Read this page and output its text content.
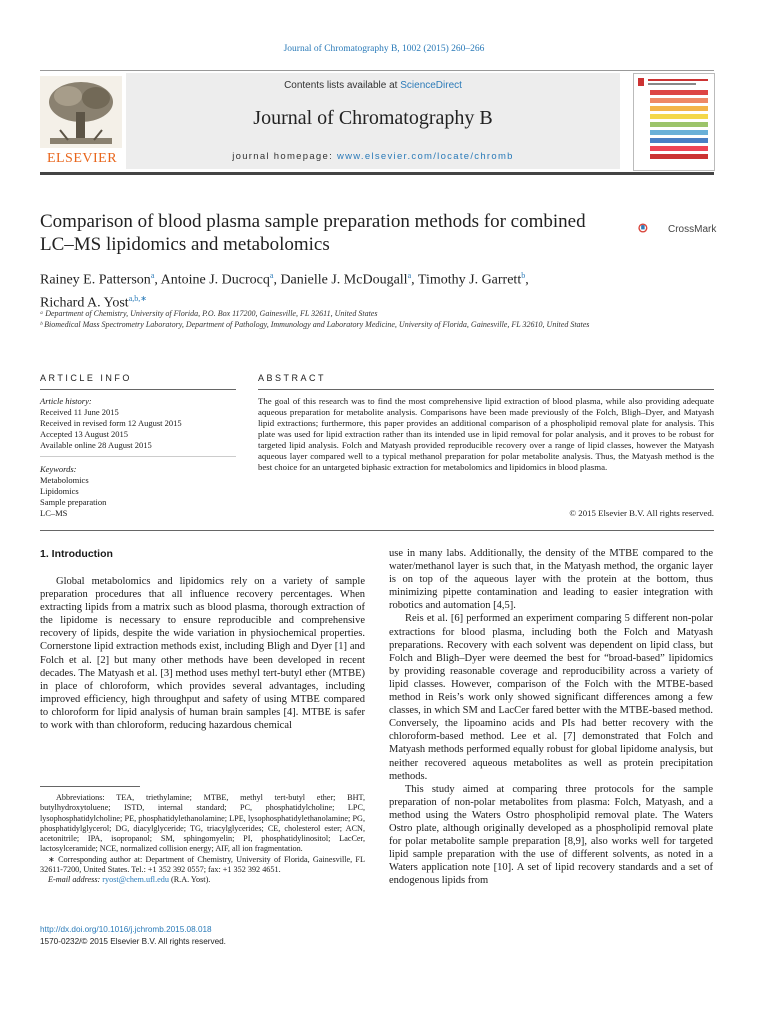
Journal of Chromatography B, 1002 (2015) 260–266
ELSEVIER
Contents lists available at ScienceDirect
Journal of Chromatography B
journal homepage: www.elsevier.com/locate/chromb
Comparison of blood plasma sample preparation methods for combined LC–MS lipidomics and metabolomics
CrossMark
Rainey E. Patterson$^a$, Antoine J. Ducrocq$^a$, Danielle J. McDougall$^a$, Timothy J. Garrett$^b$,
Richard A. Yost$^{a,b,∗}$
ᵃ Department of Chemistry, University of Florida, P.O. Box 117200, Gainesville, FL 32611, United States
ᵇ Biomedical Mass Spectrometry Laboratory, Department of Pathology, Immunology and Laboratory Medicine, University of Florida, Gainesville, FL 32610, United States
ARTICLE INFO	ABSTRACT
Article history:
Received 11 June 2015
Received in revised form 12 August 2015
Accepted 13 August 2015
Available online 28 August 2015
Keywords:
Metabolomics
Lipidomics
Sample preparation
LC–MS
The goal of this research was to find the most comprehensive lipid extraction of blood plasma, while also providing adequate aqueous preparation for metabolite analysis. Comparisons have been made previously of the Folch, Bligh–Dyer, and Matyash lipid extractions; furthermore, this paper provides an additional comparison of a phospholipid removal plate for analysis. This plate was used for lipid extraction rather than its intended use in lipid removal for polar analysis, and it proves to be robust for targeted lipid analysis. Folch and Matyash provided reproducible recovery over a range of lipid classes, however the Matyash aqueous layer compared well to a typical methanol preparation for polar metabolite analysis. Thus, the Matyash method is the best choice for an untargeted biphasic extraction for metabolomics and lipidomics in blood plasma.
© 2015 Elsevier B.V. All rights reserved.
1. Introduction

Global metabolomics and lipidomics rely on a variety of sample preparation procedures that all influence recovery percentages. When extracting lipids from a matrix such as blood plasma, thorough extraction of the lipidome is necessary to ensure reproducible and comprehensive recovery of lipids, despite the wide variation in physiochemical properties. Cornerstone lipid extraction methods exist, including Bligh and Dyer [1] and Folch et al. [2] but many other methods have been developed in recent decades. The Matyash et al. [3] method uses methyl tert-butyl ether (MTBE) in place of chloroform, which provides several advantages, including improved efficiency, high throughput and safety of using MTBE compared to chloroform for lipid analysis of human brain samples [4]. MTBE is safer to work with than chloroform, reducing hazardous chemical

use in many labs. Additionally, the density of the MTBE compared to the water/methanol layer is such that, in the Matyash method, the organic layer is on top of the aqueous layer with the protein at the bottom, thus minimizing pipette contamination and leading to easier integration with robotics and automation [4,5].

Reis et al. [6] performed an experiment comparing 5 different non-polar extractions for blood plasma, including both the Folch and Matyash preparations. Recovery with each solvent was dependent on lipid class, but Folch and Bligh–Dyer were deemed the best for “broad-based” lipidomics by providing reasonable coverage and reproducibility across a variety of lipid classes. However, comparison of the Folch with the MTBE-based method in Reis’s work only showed significant differences among a few classes, in which SM and LacCer fared better with the MTBE-based method. Conversely, the lipoamino acids and PIs had better recovery with the chloroform-based method. Lee et al. [7] demonstrated that Folch and Matyash methods performed equally robust for global lipidome analysis, but neither recovered aqueous metabolites as well as protein precipitation methods.

This study aimed at comparing three protocols for the sample preparation of non-polar metabolites from plasma: Folch, Matyash, and a method using the Waters Ostro phospholipid removal plate. The Waters Ostro plate, although originally developed as a phospholipid removal plate for polar metabolite sample preparation [8,9], also works well for targeted lipid sample preparation with the use of different solvents, as noted in a Waters application note [10]. A set of lipid recovery standards and a set of endogenous lipids from

Abbreviations: TEA, triethylamine; MTBE, methyl tert-butyl ether; BHT, butylhydroxytoluene; ISTD, internal standard; PC, phosphatidylcholine; LPC, lysophosphatidylcholine; PE, phosphatidylethanolamine; LPE, lysophosphatidylethanolamine; PG, phosphatidylglycerol; DG, diacylglyceride; TG, triacylglycerides; CE, cholesterol ester; ACN, acetonitrile; IPA, isopropanol; SM, sphingomyelin; PI, phosphatidylinositol; LacCer, lactosylceramide; NCE, normalized collision energy; AIF, all ion fragmentation.

∗ Corresponding author at: Department of Chemistry, University of Florida, Gainesville, FL 32611-7200, United States. Tel.: +1 352 392 0557; fax: +1 352 392 4651.

E-mail address: ryost@chem.ufl.edu (R.A. Yost).

http://dx.doi.org/10.1016/j.jchromb.2015.08.018
1570-0232/© 2015 Elsevier B.V. All rights reserved.
